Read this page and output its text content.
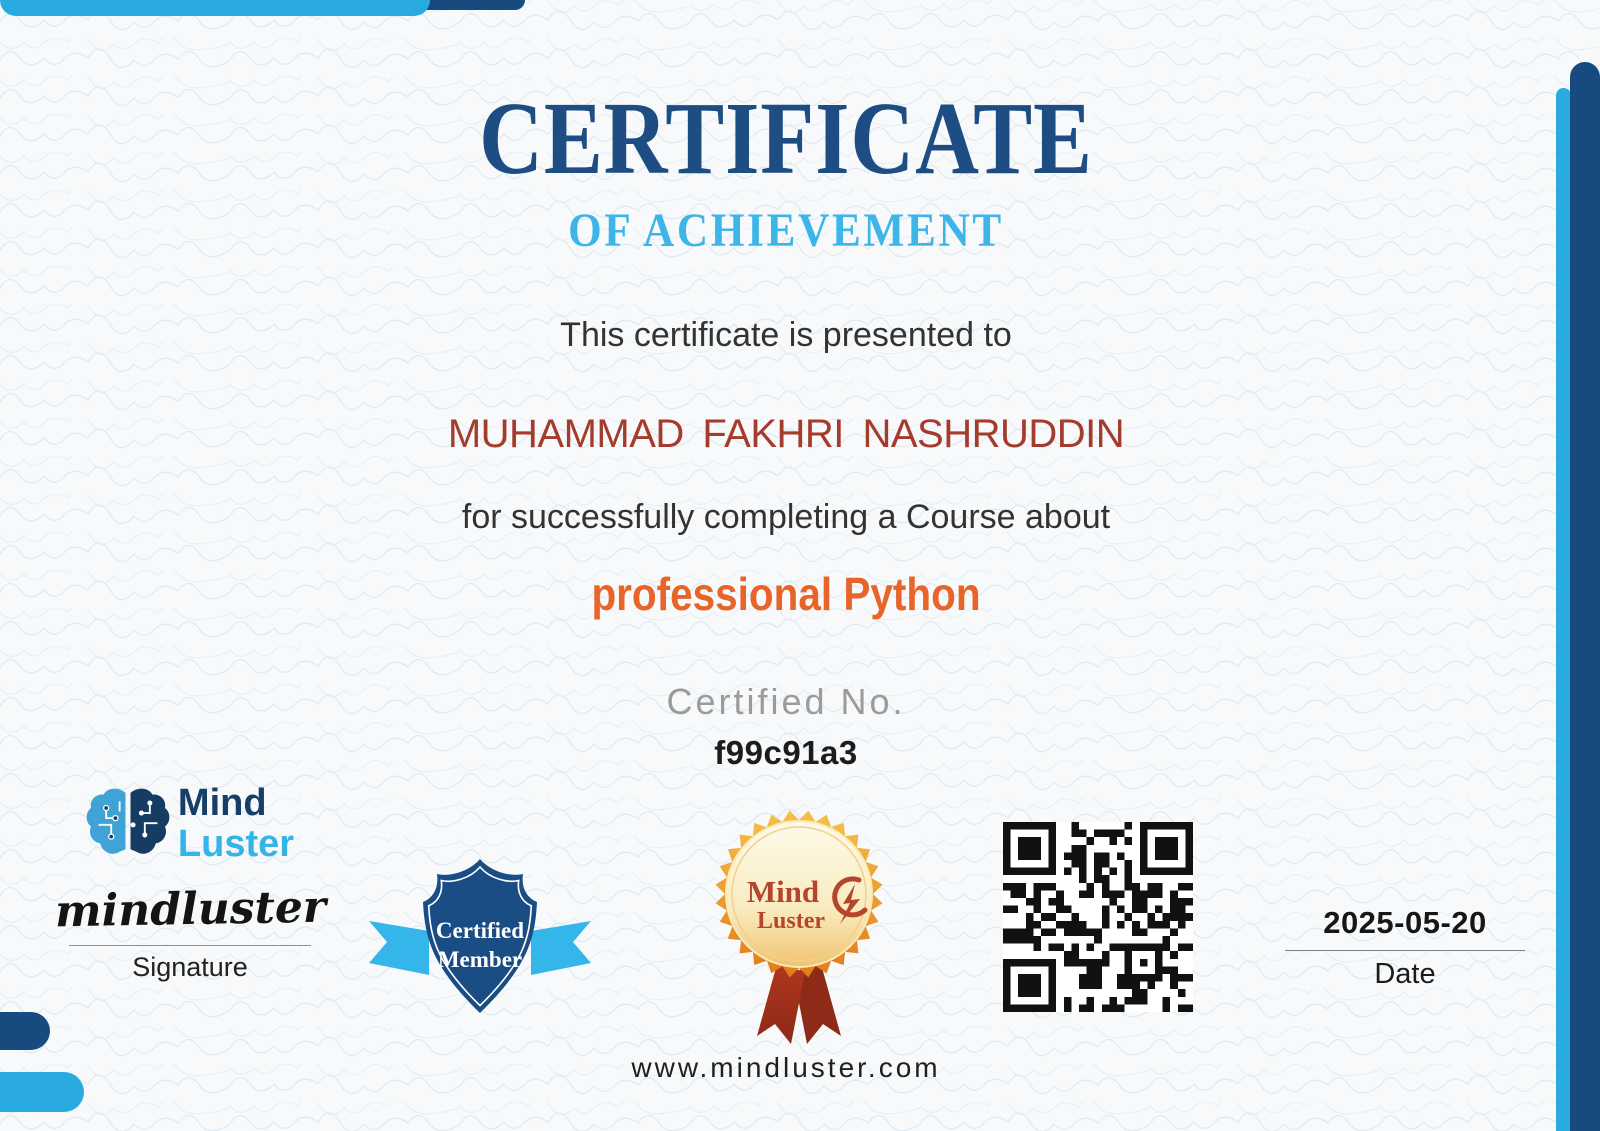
CERTIFICATE
OF ACHIEVEMENT
This certificate is presented to
MUHAMMAD FAKHRI NASHRUDDIN
for successfully completing a Course about
professional Python
Certified No.
f99c91a3
Mind
Luster
mindluster
Signature
Certified
Member
Mind
Luster	2025-05-20
Date
www.mindluster.com
